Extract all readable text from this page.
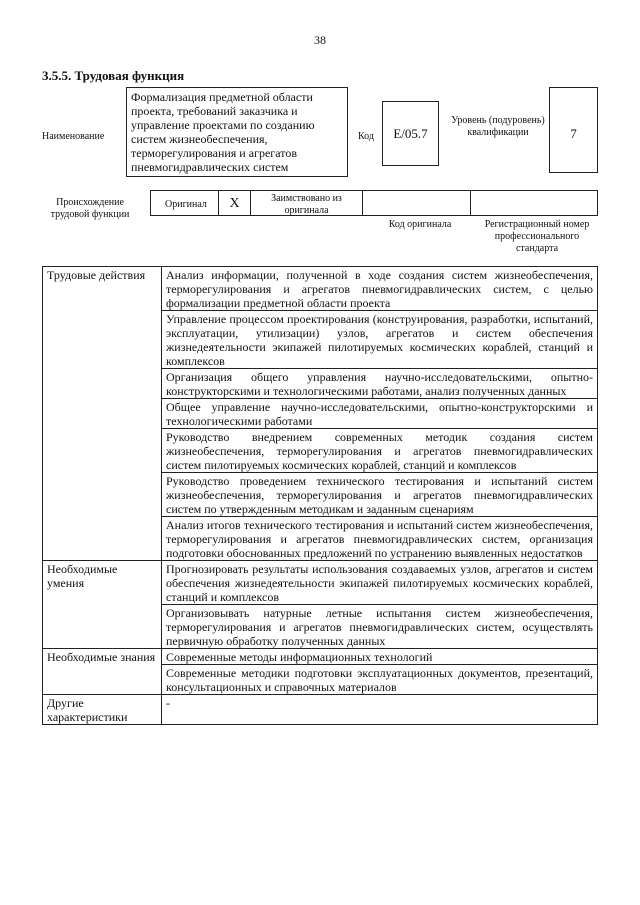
38
3.5.5. Трудовая функция
Наименование
Формализация предметной области проекта, требований заказчика и управление проектами по созданию систем жизнеобеспечения, терморегулирования и агрегатов пневмогидравлических систем
Код	Е/05.7
Уровень (подуровень) квалификации	7
Происхождение трудовой функции
Оригинал	Х	Заимствовано из оригинала
Код оригинала	Регистрационный номер профессионального стандарта
Трудовые действия	Анализ информации, полученной в ходе создания систем жизнеобеспечения, терморегулирования и агрегатов пневмогидравлических систем, с целью формализации предметной области проекта
	Управление процессом проектирования (конструирования, разработки, испытаний, эксплуатации, утилизации) узлов, агрегатов и систем обеспечения жизнедеятельности экипажей пилотируемых космических кораблей, станций и комплексов
	Организация общего управления научно-исследовательскими, опытно-конструкторскими и технологическими работами, анализ полученных данных
	Общее управление научно-исследовательскими, опытно-конструкторскими и технологическими работами
	Руководство внедрением современных методик создания систем жизнеобеспечения, терморегулирования и агрегатов пневмогидравлических систем пилотируемых космических кораблей, станций и комплексов
	Руководство проведением технического тестирования и испытаний систем жизнеобеспечения, терморегулирования и агрегатов пневмогидравлических систем по утвержденным методикам и заданным сценариям
	Анализ итогов технического тестирования и испытаний систем жизнеобеспечения, терморегулирования и агрегатов пневмогидравлических систем, организация подготовки обоснованных предложений по устранению выявленных недостатков
Необходимые умения	Прогнозировать результаты использования создаваемых узлов, агрегатов и систем обеспечения жизнедеятельности экипажей пилотируемых космических кораблей, станций и комплексов
	Организовывать натурные летные испытания систем жизнеобеспечения, терморегулирования и агрегатов пневмогидравлических систем, осуществлять первичную обработку полученных данных
Необходимые знания	Современные методы информационных технологий
	Современные методики подготовки эксплуатационных документов, презентаций, консультационных и справочных материалов
Другие характеристики	-
